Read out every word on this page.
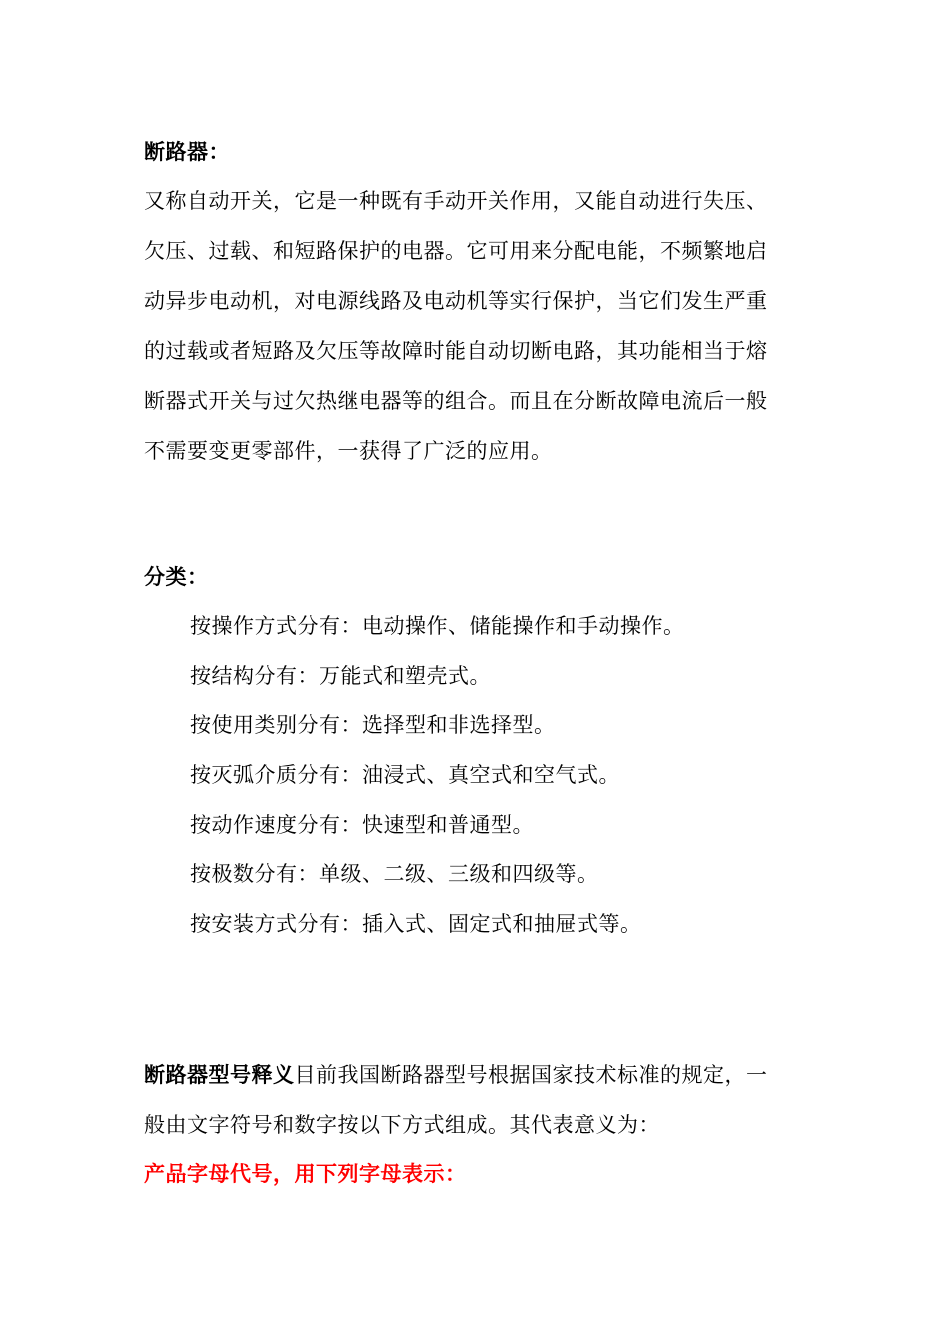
断路器：
又称自动开关，它是一种既有手动开关作用，又能自动进行失压、
欠压、过载、和短路保护的电器。它可用来分配电能，不频繁地启
动异步电动机，对电源线路及电动机等实行保护，当它们发生严重
的过载或者短路及欠压等故障时能自动切断电路，其功能相当于熔
断器式开关与过欠热继电器等的组合。而且在分断故障电流后一般
不需要变更零部件，一获得了广泛的应用。
分类：
按操作方式分有：电动操作、储能操作和手动操作。
按结构分有：万能式和塑壳式。
按使用类别分有：选择型和非选择型。
按灭弧介质分有：油浸式、真空式和空气式。
按动作速度分有：快速型和普通型。
按极数分有：单级、二级、三级和四级等。
按安装方式分有：插入式、固定式和抽屉式等。
断路器型号释义目前我国断路器型号根据国家技术标准的规定，一
般由文字符号和数字按以下方式组成。其代表意义为：
产品字母代号，用下列字母表示：
